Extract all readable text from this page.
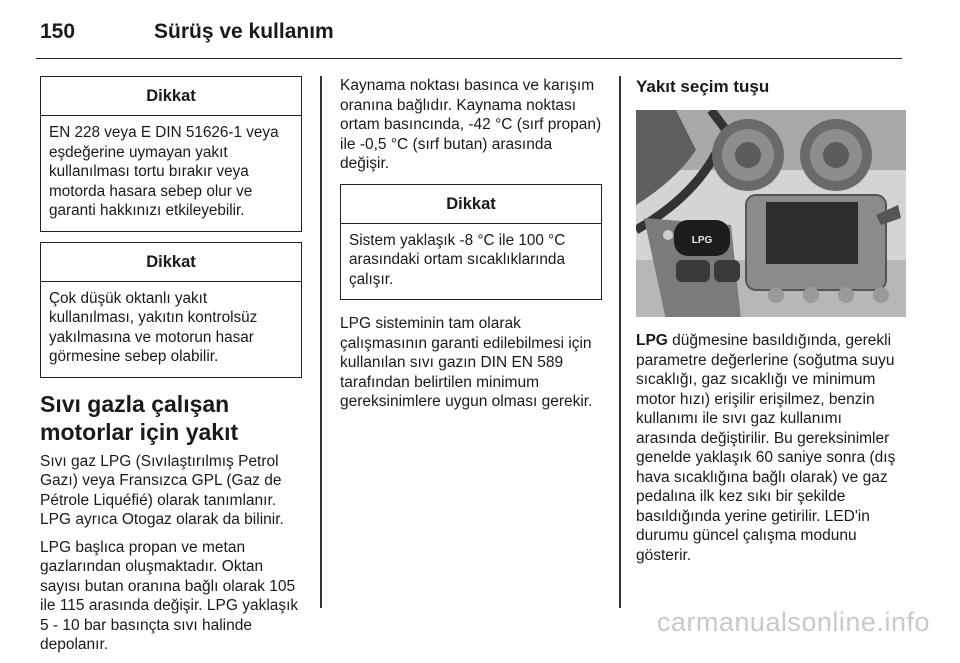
150	Sürüş ve kullanım
Dikkat
EN 228 veya E DIN 51626-1 veya eşdeğerine uymayan yakıt kullanılması tortu bırakır veya motorda hasara sebep olur ve garanti hakkınızı etkileyebilir.
Dikkat
Çok düşük oktanlı yakıt kullanılması, yakıtın kontrolsüz yakılmasına ve motorun hasar görmesine sebep olabilir.
Sıvı gazla çalışan motorlar için yakıt

Sıvı gaz LPG (Sıvılaştırılmış Petrol Gazı) veya Fransızca GPL (Gaz de Pétrole Liquéfié) olarak tanımlanır. LPG ayrıca Otogaz olarak da bilinir.

LPG başlıca propan ve metan gazlarından oluşmaktadır. Oktan sayısı butan oranına bağlı olarak 105 ile 115 arasında değişir. LPG yaklaşık 5 - 10 bar basınçta sıvı halinde depolanır.

Kaynama noktası basınca ve karışım oranına bağlıdır. Kaynama noktası ortam basıncında, -42 °C (sırf propan) ile -0,5 °C (sırf butan) arasında değişir.

Dikkat
Sistem yaklaşık -8 °C ile 100 °C arasındaki ortam sıcaklıklarında çalışır.

LPG sisteminin tam olarak çalışmasının garanti edilebilmesi için kullanılan sıvı gazın DIN EN 589 tarafından belirtilen minimum gereksinimlere uygun olması gerekir.

Yakıt seçim tuşu
LPG

LPG düğmesine basıldığında, gerekli parametre değerlerine (soğutma suyu sıcaklığı, gaz sıcaklığı ve minimum motor hızı) erişilir erişilmez, benzin kullanımı ile sıvı gaz kullanımı arasında değiştirilir. Bu gereksinimler genelde yaklaşık 60 saniye sonra (dış hava sıcaklığına bağlı olarak) ve gaz pedalına ilk kez sıkı bir şekilde basıldığında yerine getirilir. LED'in durumu güncel çalışma modunu gösterir.

carmanualsonline.info
